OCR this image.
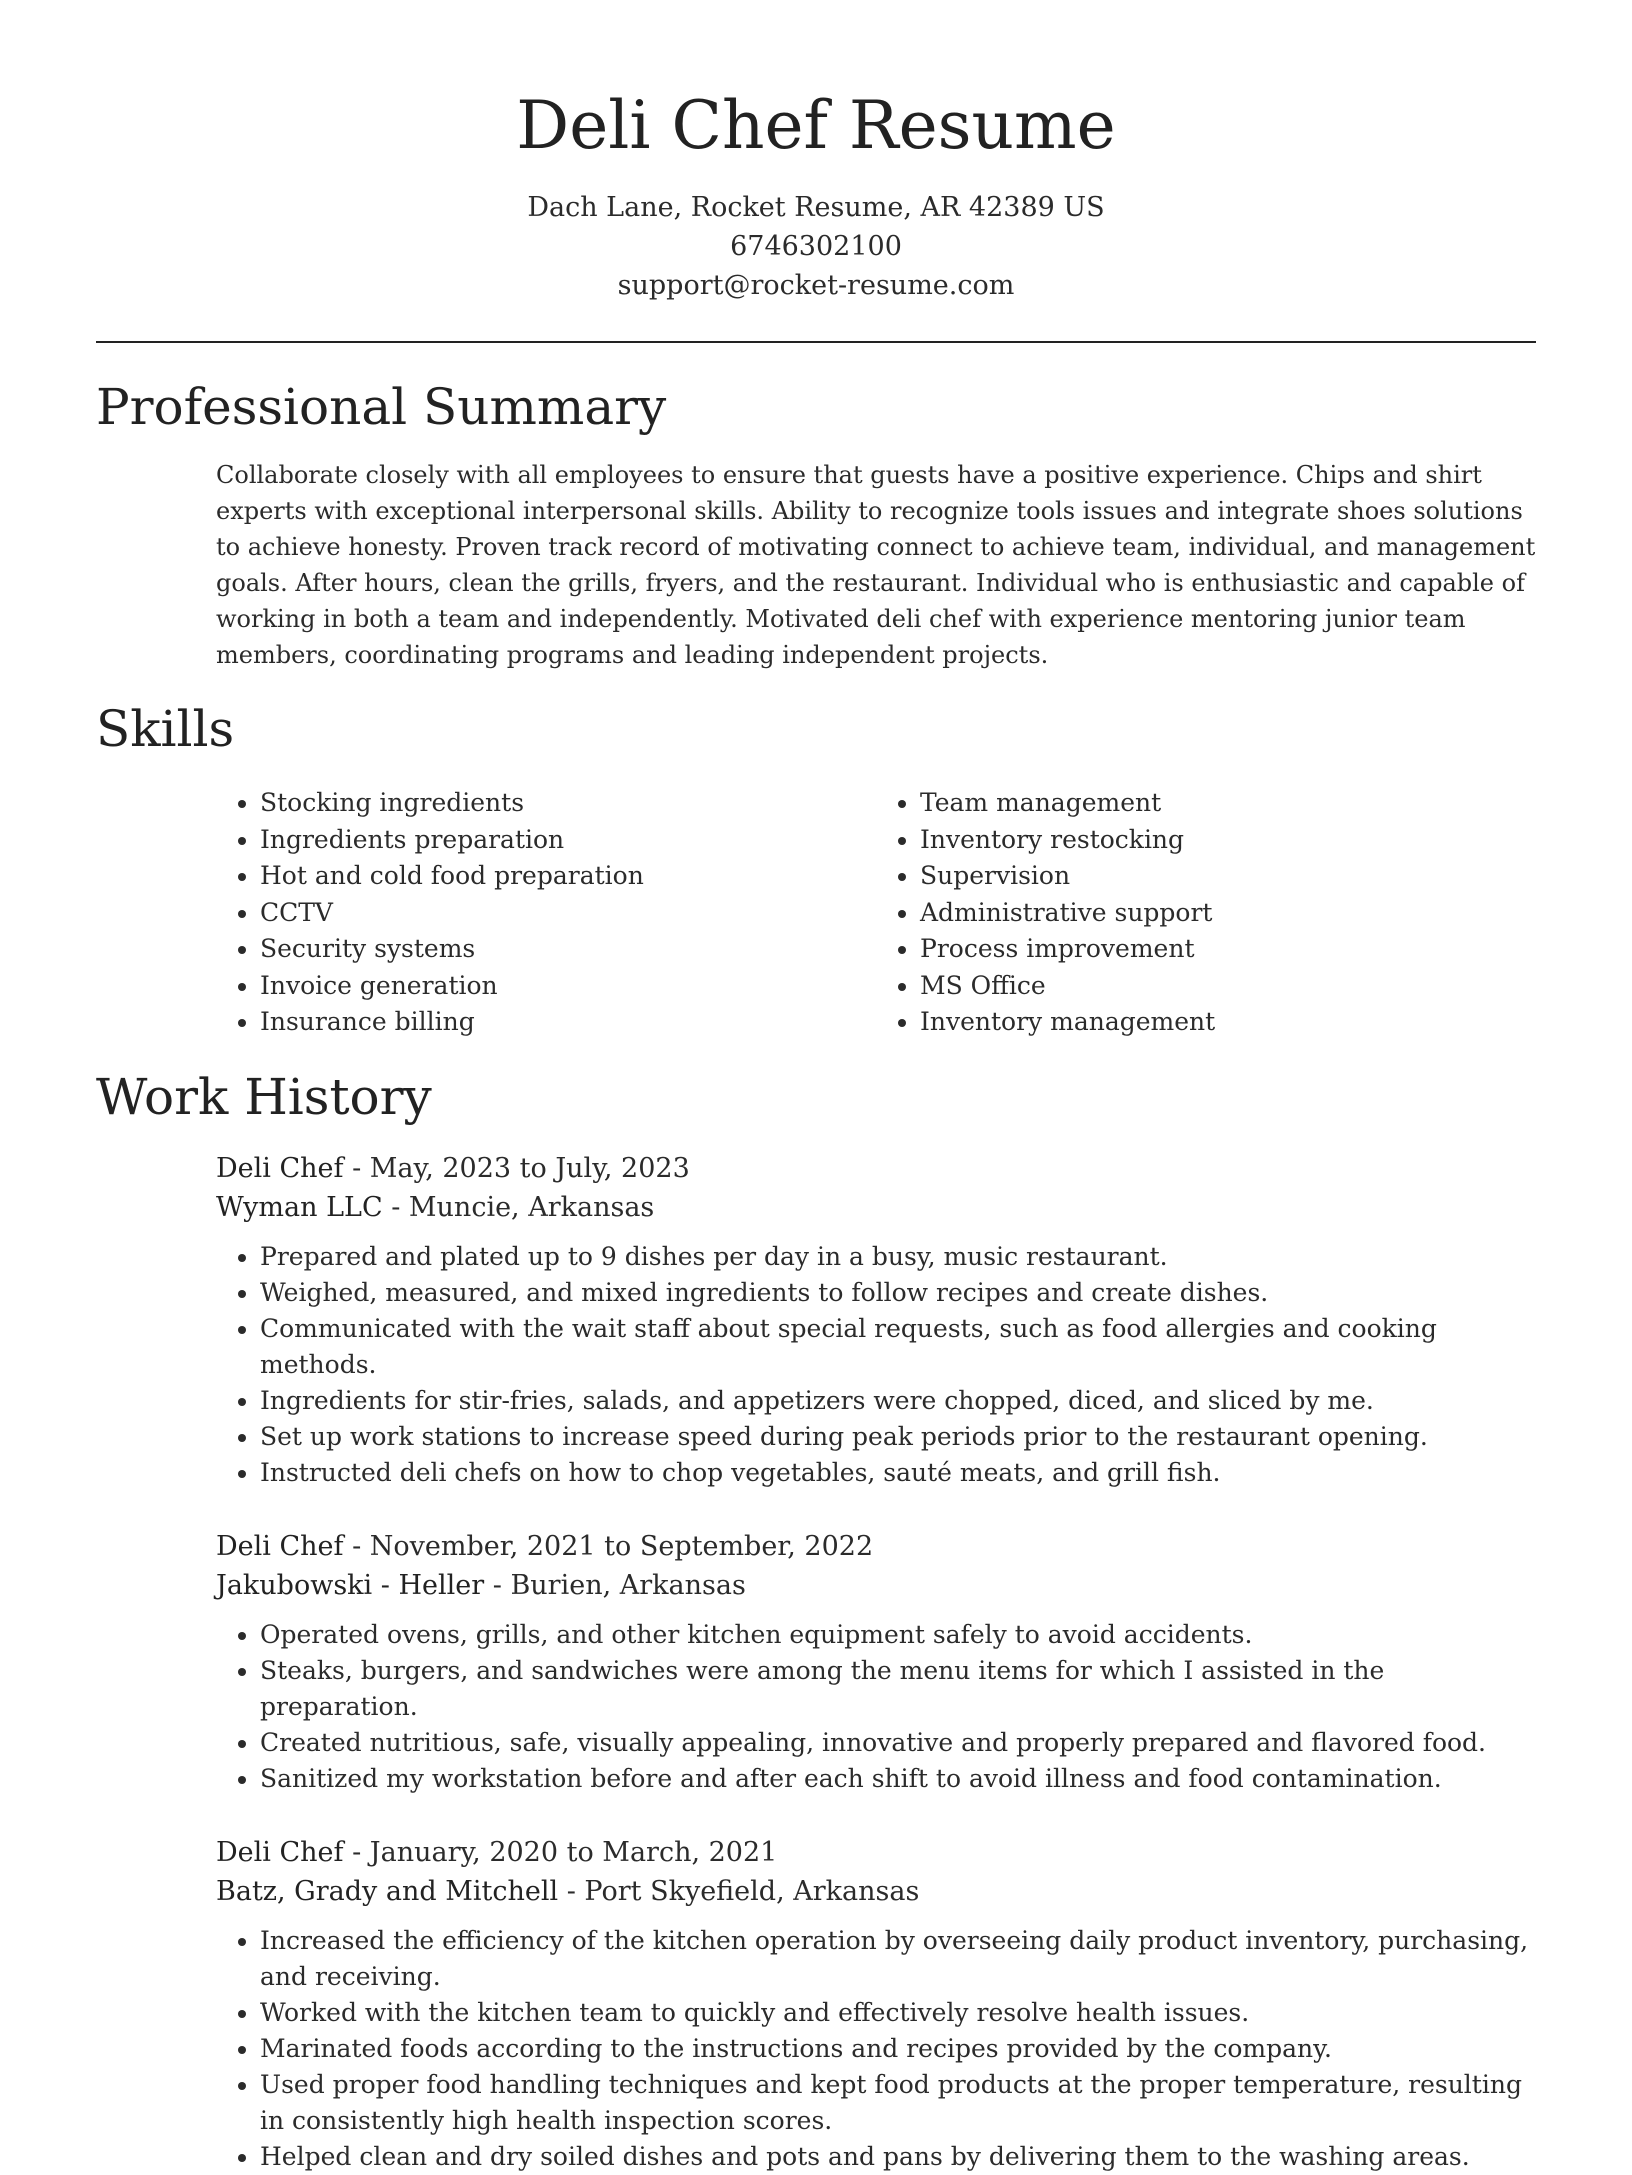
Deli Chef Resume
Dach Lane, Rocket Resume, AR 42389 US
6746302100
support@rocket-resume.com
Professional Summary

Collaborate closely with all employees to ensure that guests have a positive experience. Chips and shirt experts with exceptional interpersonal skills. Ability to recognize tools issues and integrate shoes solutions to achieve honesty. Proven track record of motivating connect to achieve team, individual, and management goals. After hours, clean the grills, fryers, and the restaurant. Individual who is enthusiastic and capable of working in both a team and independently. Motivated deli chef with experience mentoring junior team members, coordinating programs and leading independent projects.

Skills
• Stocking ingredients
• Ingredients preparation
• Hot and cold food preparation
• CCTV
• Security systems
• Invoice generation
• Insurance billing
• Team management
• Inventory restocking
• Supervision
• Administrative support
• Process improvement
• MS Office
• Inventory management
Work History
Deli Chef - May, 2023 to July, 2023
Wyman LLC - Muncie, Arkansas
• Prepared and plated up to 9 dishes per day in a busy, music restaurant.
• Weighed, measured, and mixed ingredients to follow recipes and create dishes.
• Communicated with the wait staff about special requests, such as food allergies and cooking methods.
• Ingredients for stir-fries, salads, and appetizers were chopped, diced, and sliced by me.
• Set up work stations to increase speed during peak periods prior to the restaurant opening.
• Instructed deli chefs on how to chop vegetables, sauté meats, and grill fish.
Deli Chef - November, 2021 to September, 2022
Jakubowski - Heller - Burien, Arkansas
• Operated ovens, grills, and other kitchen equipment safely to avoid accidents.
• Steaks, burgers, and sandwiches were among the menu items for which I assisted in the preparation.
• Created nutritious, safe, visually appealing, innovative and properly prepared and flavored food.
• Sanitized my workstation before and after each shift to avoid illness and food contamination.
Deli Chef - January, 2020 to March, 2021
Batz, Grady and Mitchell - Port Skyefield, Arkansas
• Increased the efficiency of the kitchen operation by overseeing daily product inventory, purchasing, and receiving.
• Worked with the kitchen team to quickly and effectively resolve health issues.
• Marinated foods according to the instructions and recipes provided by the company.
• Used proper food handling techniques and kept food products at the proper temperature, resulting in consistently high health inspection scores.
• Helped clean and dry soiled dishes and pots and pans by delivering them to the washing areas.
